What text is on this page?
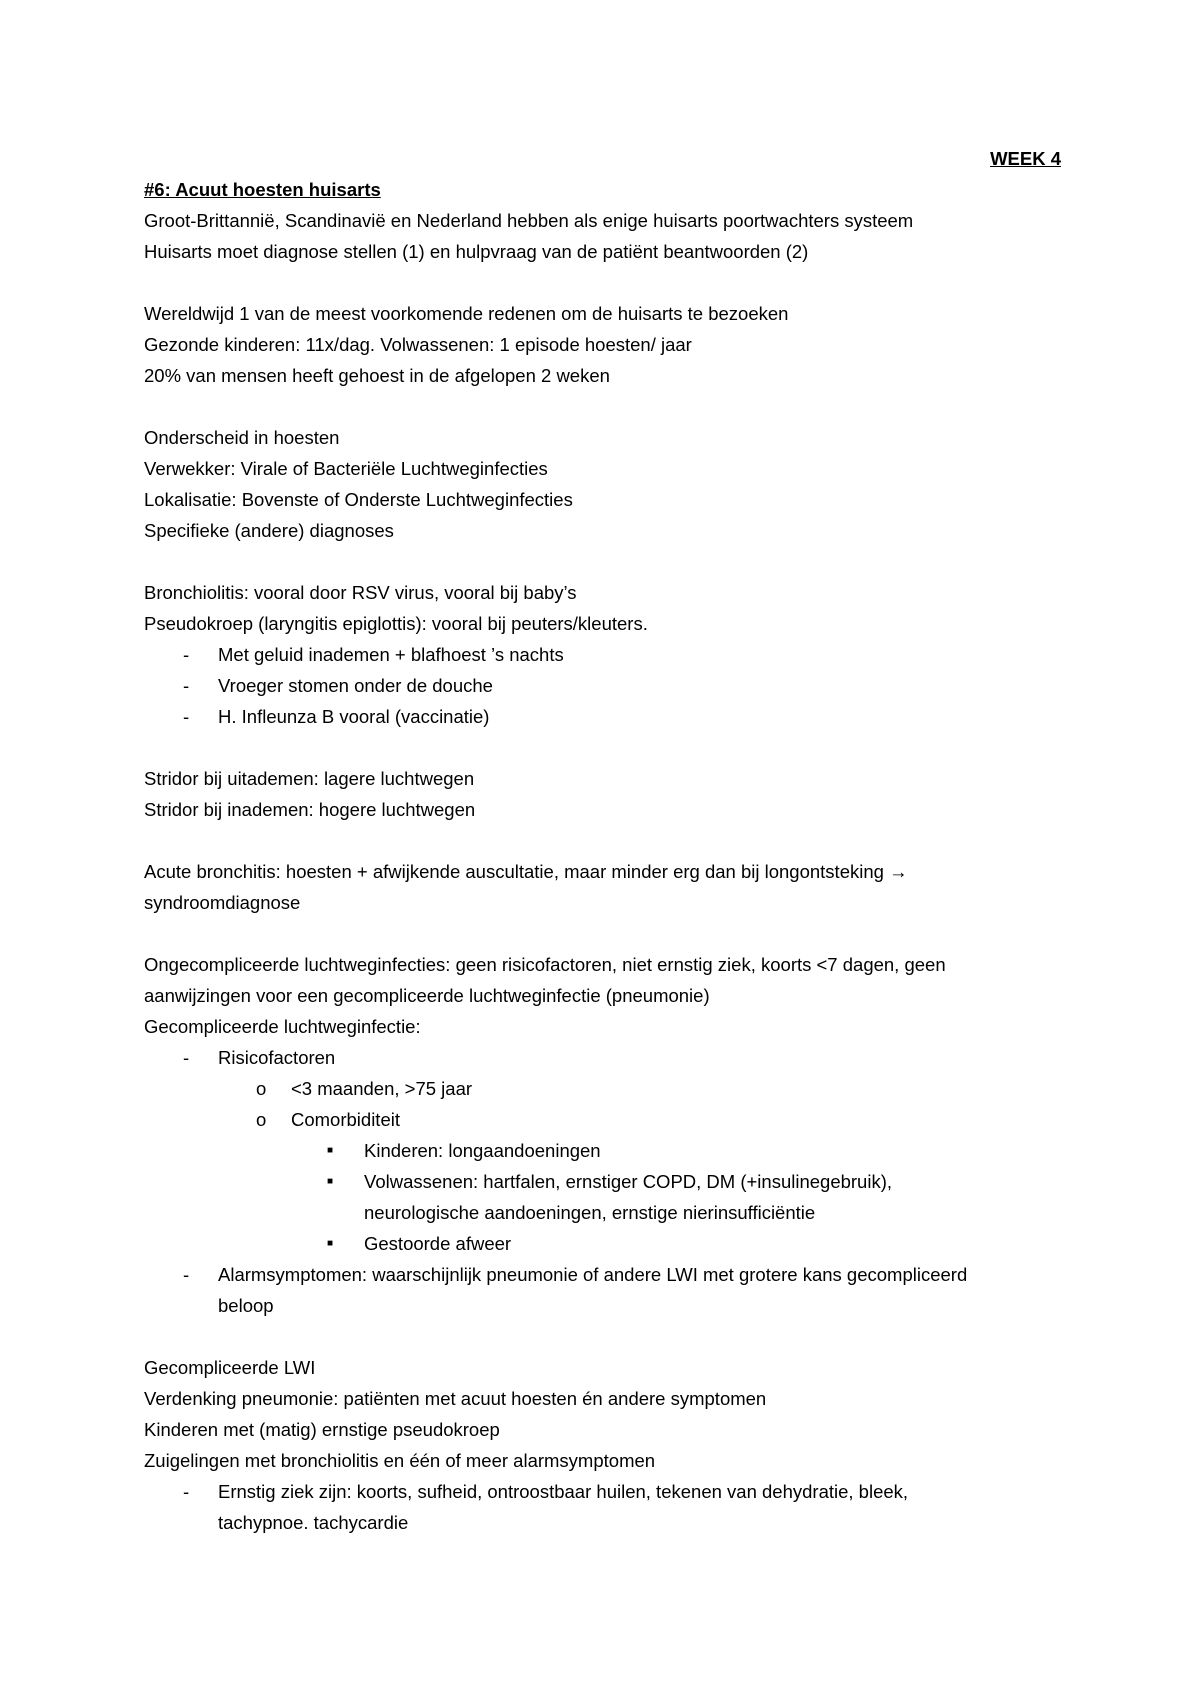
WEEK 4
#6: Acuut hoesten huisarts
Groot-Brittannië, Scandinavië en Nederland hebben als enige huisarts poortwachters systeem
Huisarts moet diagnose stellen (1) en hulpvraag van de patiënt beantwoorden (2)
Wereldwijd 1 van de meest voorkomende redenen om de huisarts te bezoeken
Gezonde kinderen: 11x/dag. Volwassenen: 1 episode hoesten/ jaar
20% van mensen heeft gehoest in de afgelopen 2 weken
Onderscheid in hoesten
Verwekker: Virale of Bacteriële Luchtweginfecties
Lokalisatie: Bovenste of Onderste Luchtweginfecties
Specifieke (andere) diagnoses
Bronchiolitis: vooral door RSV virus, vooral bij baby’s
Pseudokroep (laryngitis epiglottis): vooral bij peuters/kleuters.
- Met geluid inademen + blafhoest ’s nachts
- Vroeger stomen onder de douche
- H. Infleunza B vooral (vaccinatie)
Stridor bij uitademen: lagere luchtwegen
Stridor bij inademen: hogere luchtwegen
Acute bronchitis: hoesten + afwijkende auscultatie, maar minder erg dan bij longontsteking →
syndroomdiagnose
Ongecompliceerde luchtweginfecties: geen risicofactoren, niet ernstig ziek, koorts <7 dagen, geen
aanwijzingen voor een gecompliceerde luchtweginfectie (pneumonie)
Gecompliceerde luchtweginfectie:
- Risicofactoren
o <3 maanden, >75 jaar
o Comorbiditeit
■ Kinderen: longaandoeningen
■ Volwassenen: hartfalen, ernstiger COPD, DM (+insulinegebruik),
neurologische aandoeningen, ernstige nierinsufficiëntie
■ Gestoorde afweer
- Alarmsymptomen: waarschijnlijk pneumonie of andere LWI met grotere kans gecompliceerd
beloop
Gecompliceerde LWI
Verdenking pneumonie: patiënten met acuut hoesten én andere symptomen
Kinderen met (matig) ernstige pseudokroep
Zuigelingen met bronchiolitis en één of meer alarmsymptomen
- Ernstig ziek zijn: koorts, sufheid, ontroostbaar huilen, tekenen van dehydratie, bleek,
tachypnoe. tachycardie
